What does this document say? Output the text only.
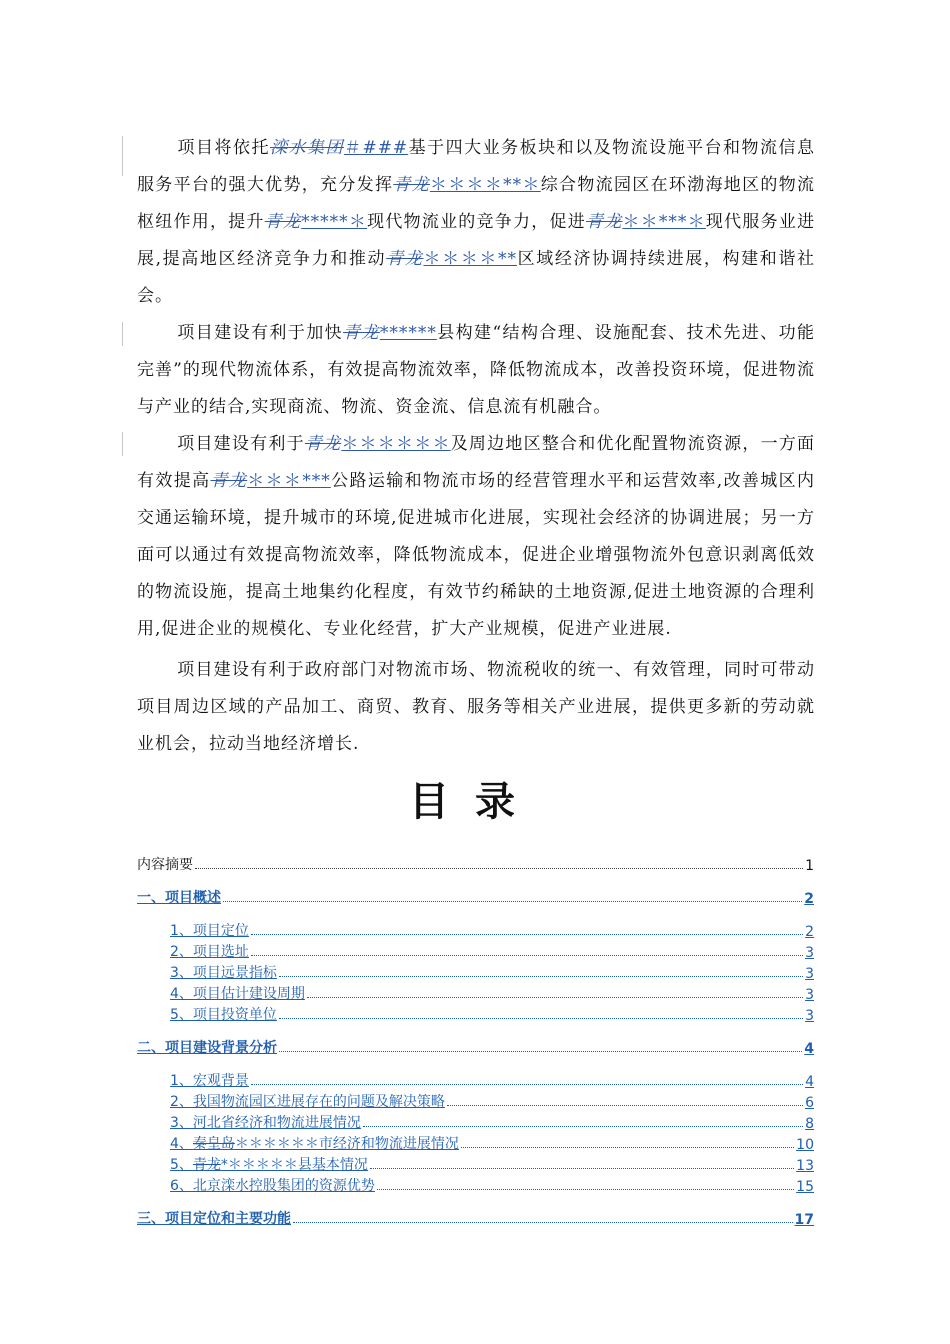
项目将依托滦水集团＃###基于四大业务板块和以及物流设施平台和物流信息服务平台的强大优势，充分发挥青龙＊＊＊＊**＊综合物流园区在环渤海地区的物流枢纽作用，提升青龙*****＊现代物流业的竞争力，促进青龙＊＊***＊现代服务业进展,提高地区经济竞争力和推动青龙＊＊＊＊**区域经济协调持续进展，构建和谐社会。
项目建设有利于加快青龙******县构建“结构合理、设施配套、技术先进、功能完善”的现代物流体系，有效提高物流效率，降低物流成本，改善投资环境，促进物流与产业的结合,实现商流、物流、资金流、信息流有机融合。
项目建设有利于青龙＊＊＊＊＊＊及周边地区整合和优化配置物流资源，一方面有效提高青龙＊＊＊***公路运输和物流市场的经营管理水平和运营效率,改善城区内交通运输环境，提升城市的环境,促进城市化进展，实现社会经济的协调进展；另一方面可以通过有效提高物流效率，降低物流成本，促进企业增强物流外包意识剥离低效的物流设施，提高土地集约化程度，有效节约稀缺的土地资源,促进土地资源的合理利用,促进企业的规模化、专业化经营，扩大产业规模，促进产业进展.
项目建设有利于政府部门对物流市场、物流税收的统一、有效管理，同时可带动项目周边区域的产品加工、商贸、教育、服务等相关产业进展，提供更多新的劳动就业机会，拉动当地经济增长.
目录
内容摘要	1
一、项目概述	2
1、项目定位	2
2、项目选址	3
3、项目远景指标	3
4、项目估计建设周期	3
5、项目投资单位	3
二、项目建设背景分析	4
1、宏观背景	4
2、我国物流园区进展存在的问题及解决策略	6
3、河北省经济和物流进展情况	8
4、秦皇岛＊＊＊＊＊＊市经济和物流进展情况	10
5、青龙*＊＊＊＊＊县基本情况	13
6、北京滦水控股集团的资源优势	15
三、项目定位和主要功能	17
